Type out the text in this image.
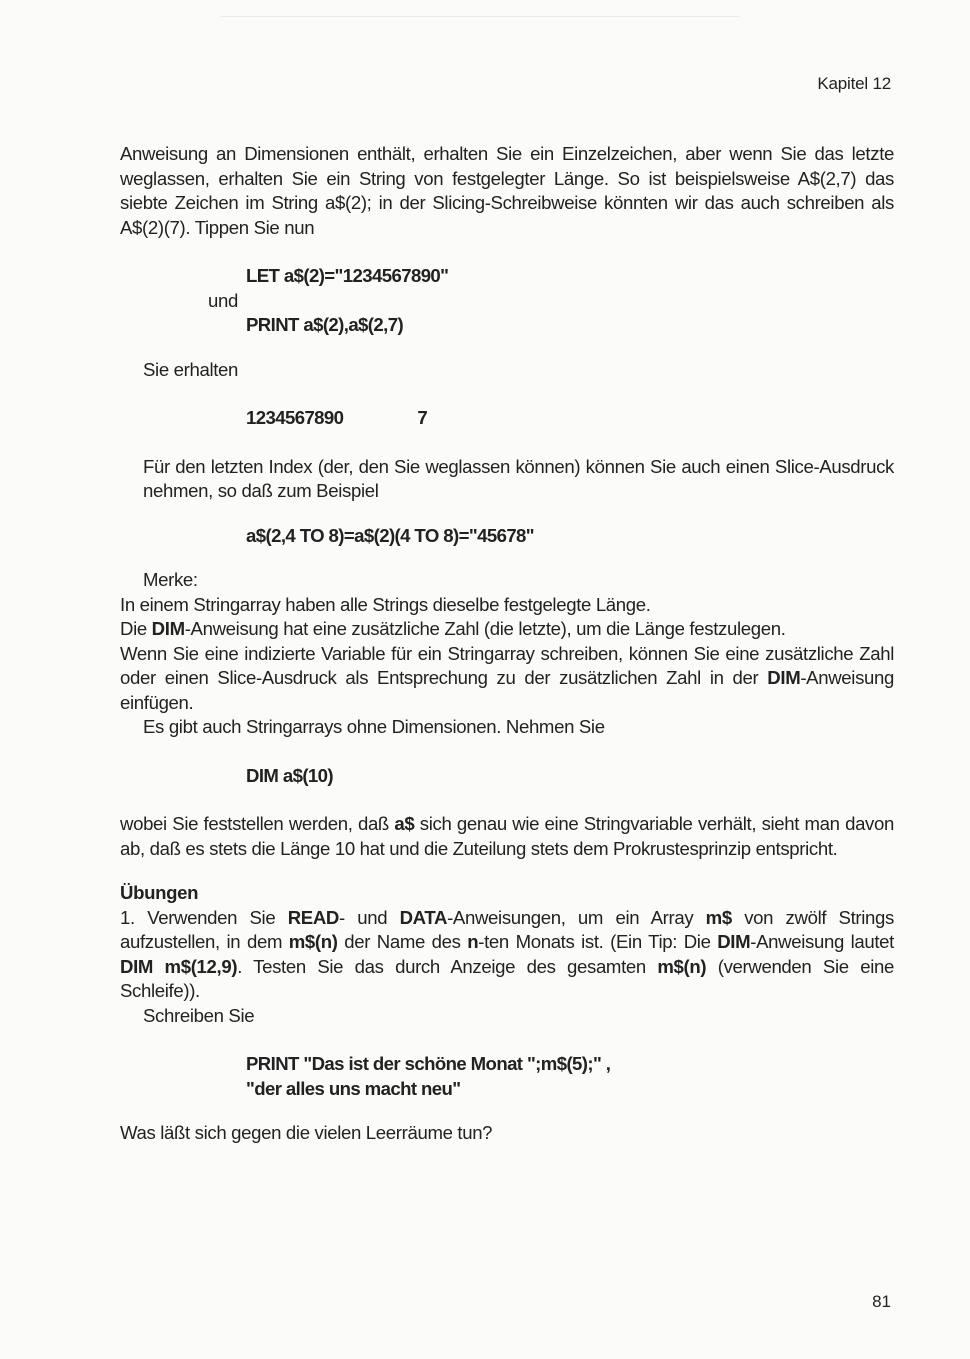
Kapitel 12

Anweisung an Dimensionen enthält, erhalten Sie ein Einzelzeichen, aber wenn Sie das letzte weglassen, erhalten Sie ein String von festgelegter Länge. So ist beispielsweise A$(2,7) das siebte Zeichen im String a$(2); in der Slicing-Schreibweise könnten wir das auch schreiben als A$(2)(7). Tippen Sie nun

LET a$(2)="1234567890"

und

PRINT a$(2),a$(2,7)

Sie erhalten

1234567890	7

Für den letzten Index (der, den Sie weglassen können) können Sie auch einen Slice-Ausdruck nehmen, so daß zum Beispiel

a$(2,4 TO 8)=a$(2)(4 TO 8)="45678"

Merke:

In einem Stringarray haben alle Strings dieselbe festgelegte Länge.

Die DIM-Anweisung hat eine zusätzliche Zahl (die letzte), um die Länge festzulegen.

Wenn Sie eine indizierte Variable für ein Stringarray schreiben, können Sie eine zusätzliche Zahl oder einen Slice-Ausdruck als Entsprechung zu der zusätzlichen Zahl in der DIM-Anweisung einfügen.

Es gibt auch Stringarrays ohne Dimensionen. Nehmen Sie

DIM a$(10)

wobei Sie feststellen werden, daß a$ sich genau wie eine Stringvariable verhält, sieht man davon ab, daß es stets die Länge 10 hat und die Zuteilung stets dem Prokrustesprinzip entspricht.

Übungen

1. Verwenden Sie READ- und DATA-Anweisungen, um ein Array m$ von zwölf Strings aufzustellen, in dem m$(n) der Name des n-ten Monats ist. (Ein Tip: Die DIM-Anweisung lautet DIM m$(12,9). Testen Sie das durch Anzeige des gesamten m$(n) (verwenden Sie eine Schleife)).

Schreiben Sie

PRINT "Das ist der schöne Monat ";m$(5);" ,

"der alles uns macht neu"

Was läßt sich gegen die vielen Leerräume tun?

81
